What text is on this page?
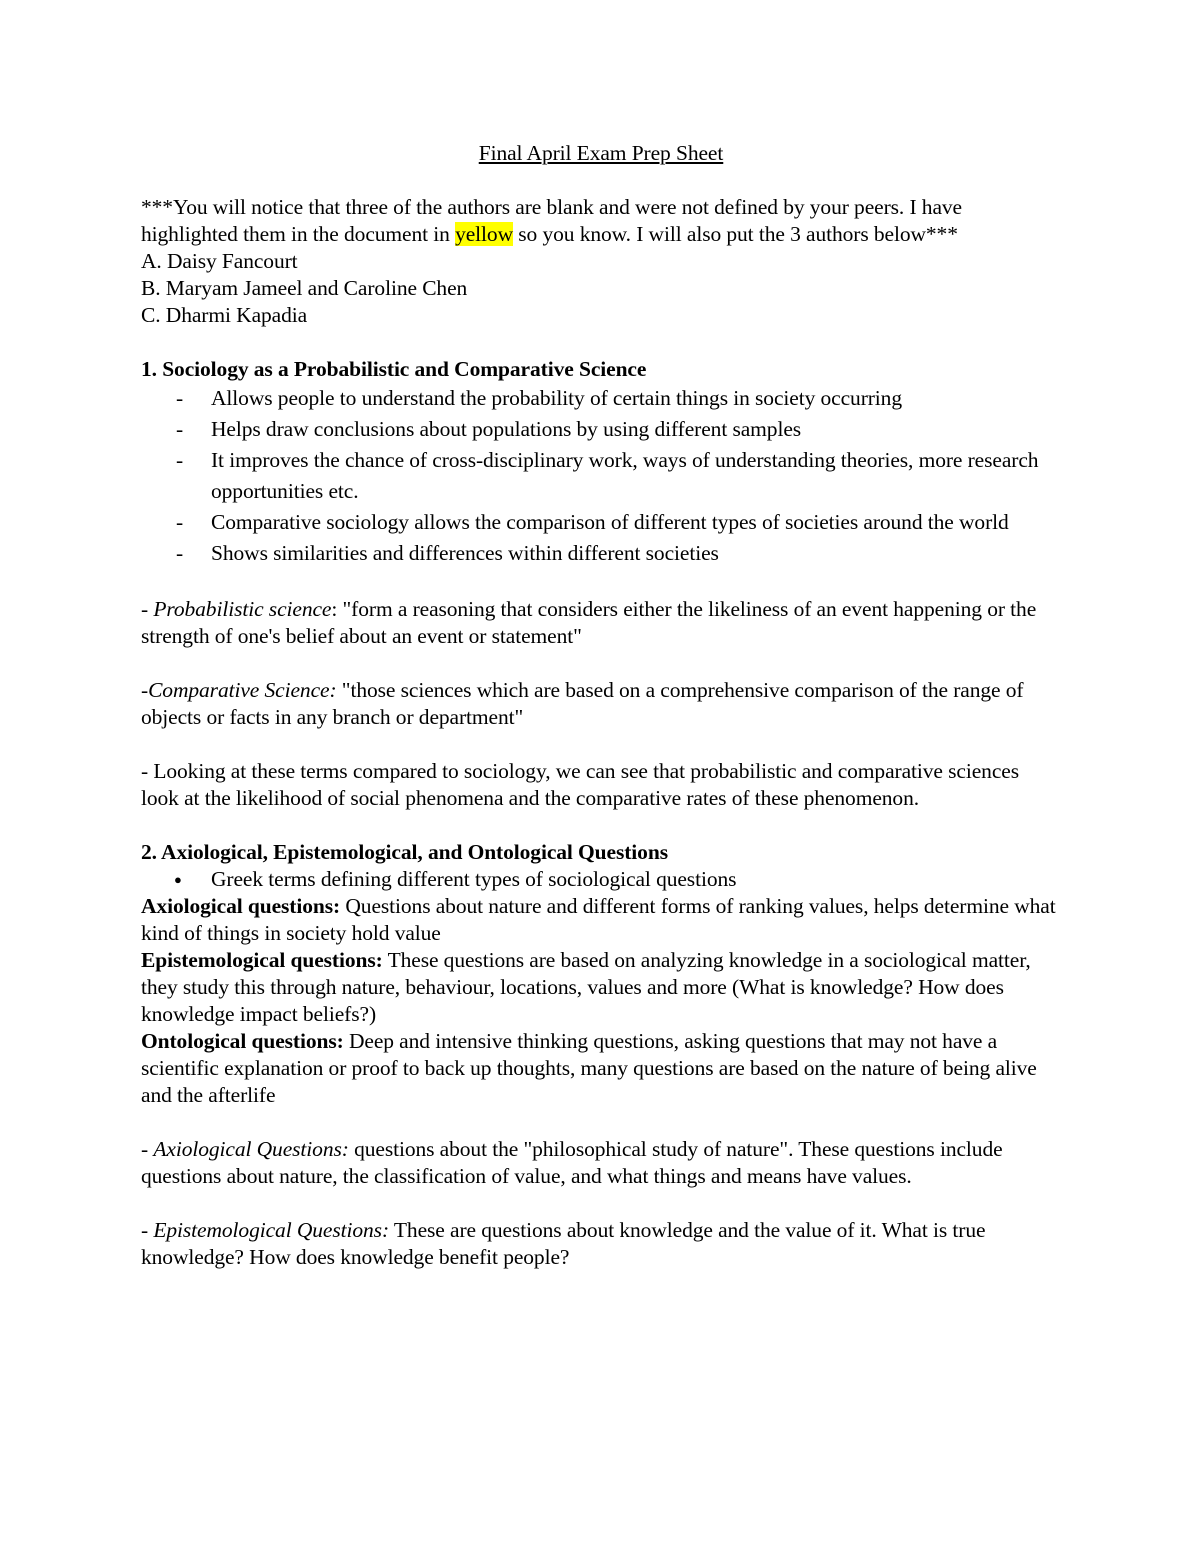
Final April Exam Prep Sheet

***You will notice that three of the authors are blank and were not defined by your peers. I have highlighted them in the document in yellow so you know. I will also put the 3 authors below***

A. Daisy Fancourt

B. Maryam Jameel and Caroline Chen

C. Dharmi Kapadia

1. Sociology as a Probabilistic and Comparative Science

- Allows people to understand the probability of certain things in society occurring
- Helps draw conclusions about populations by using different samples
- It improves the chance of cross-disciplinary work, ways of understanding theories, more research opportunities etc.
- Comparative sociology allows the comparison of different types of societies around the world
- Shows similarities and differences within different societies

- Probabilistic science: "form a reasoning that considers either the likeliness of an event happening or the strength of one's belief about an event or statement"

-Comparative Science: "those sciences which are based on a comprehensive comparison of the range of objects or facts in any branch or department"

- Looking at these terms compared to sociology, we can see that probabilistic and comparative sciences look at the likelihood of social phenomena and the comparative rates of these phenomenon.

2. Axiological, Epistemological, and Ontological Questions

● Greek terms defining different types of sociological questions

Axiological questions: Questions about nature and different forms of ranking values, helps determine what kind of things in society hold value

Epistemological questions: These questions are based on analyzing knowledge in a sociological matter, they study this through nature, behaviour, locations, values and more (What is knowledge? How does knowledge impact beliefs?)

Ontological questions: Deep and intensive thinking questions, asking questions that may not have a scientific explanation or proof to back up thoughts, many questions are based on the nature of being alive and the afterlife

- Axiological Questions: questions about the "philosophical study of nature". These questions include questions about nature, the classification of value, and what things and means have values.

- Epistemological Questions: These are questions about knowledge and the value of it. What is true knowledge? How does knowledge benefit people?
